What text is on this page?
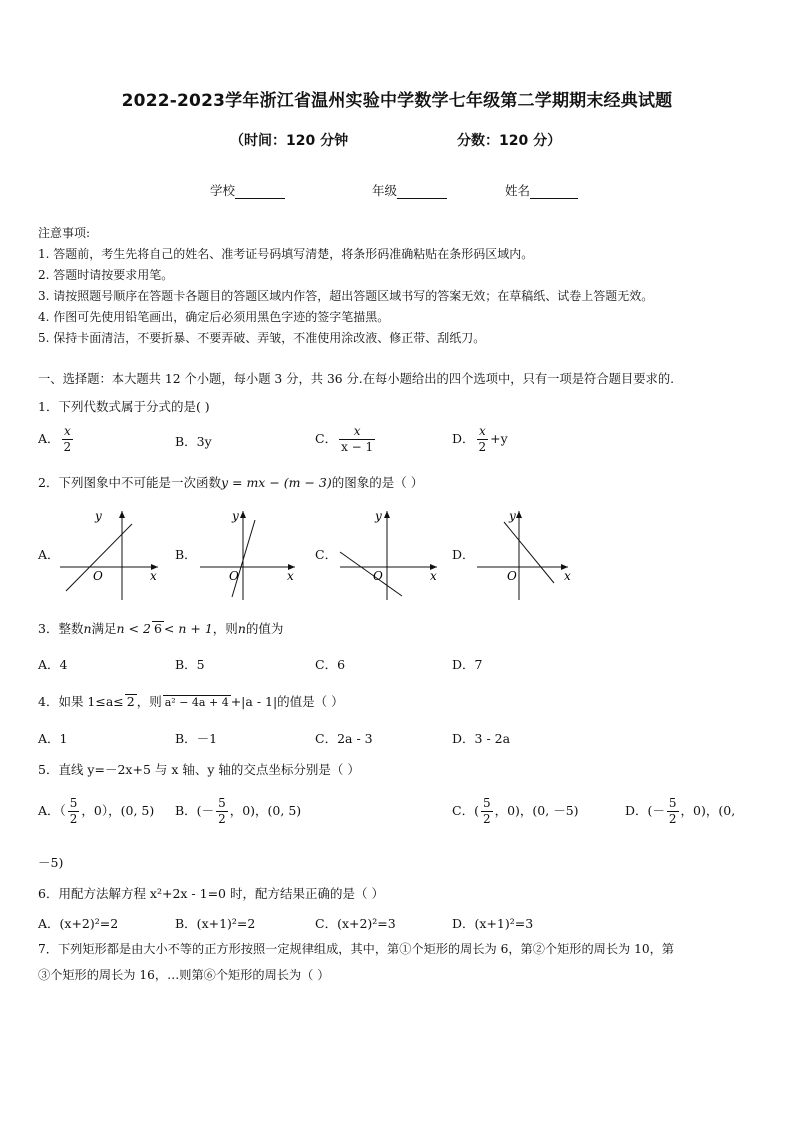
2022-2023学年浙江省温州实验中学数学七年级第二学期期末经典试题
（时间：120 分钟	分数：120 分）
学校	年级	姓名
注意事项:
1. 答题前，考生先将自己的姓名、准考证号码填写清楚，将条形码准确粘贴在条形码区域内。
2. 答题时请按要求用笔。
3. 请按照题号顺序在答题卡各题目的答题区域内作答，超出答题区域书写的答案无效；在草稿纸、试卷上答题无效。
4. 作图可先使用铅笔画出，确定后必须用黑色字迹的签字笔描黑。
5. 保持卡面清洁，不要折暴、不要弄破、弄皱，不准使用涂改液、修正带、刮纸刀。
一、选择题：本大题共 12 个小题，每小题 3 分，共 36 分.在每小题给出的四个选项中，只有一项是符合题目要求的.
1．下列代数式属于分式的是( )
A． $\frac{x}{2}$	B．3y	C． $\frac{x}{x - 1}$	D． $\frac{x}{2} +y$
2．下列图象中不可能是一次函数y = mx − (m − 3)的图象的是（ ）
A．
y
x
O
B．
y
x
O
C．
y
x
O
D．
y
x
O
3．整数n满足n < 2 6 < n + 1，则n的值为
A．4	B．5	C．6	D．7
4．如果 1≤a≤ 2 ，则 a² − 4a + 4 +|a - 1|的值是（ ）
A．1	B．－1	C．2a - 3	D．3 - 2a
5．直线 y=－2x+5 与 x 轴、y 轴的交点坐标分别是（ ）
A．（ $\frac{5}{2}$ ，0），(0, 5) B．(－ $\frac{5}{2}$ ，0)，(0, 5)	C．( $\frac{5}{2}$ ，0)，(0, －5)	D．(－ $\frac{5}{2}$ ，0)，(0,
－5)
6．用配方法解方程 x²+2x - 1=0 时，配方结果正确的是（ ）
A．(x+2)²=2	B．(x+1)²=2	C．(x+2)²=3	D．(x+1)²=3
7．下列矩形都是由大小不等的正方形按照一定规律组成，其中，第①个矩形的周长为 6，第②个矩形的周长为 10，第
③个矩形的周长为 16，…则第⑥个矩形的周长为（ ）
